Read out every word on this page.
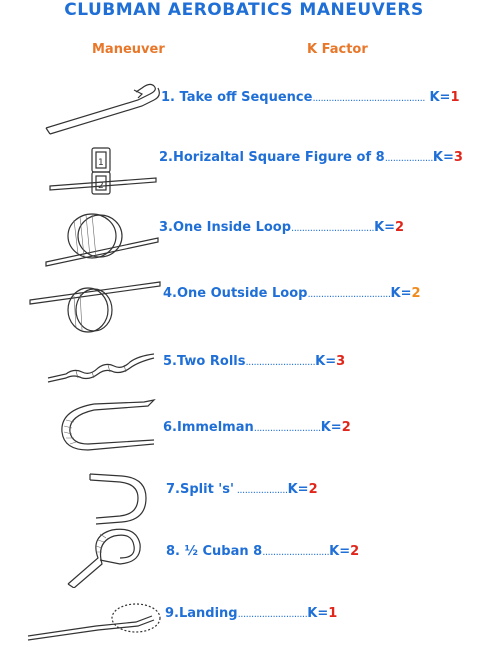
CLUBMAN AEROBATICS MANEUVERS
Maneuver	K Factor
1. Take off Sequence.......................................... K=1
1
2
2.Horizaltal Square Figure of 8..................K=3
3.One Inside Loop...............................K=2
4.One Outside Loop...............................K=2
5.Two Rolls..........................K=3
6.Immelman.........................K=2
7.Split 's' ...................K=2
8. ½ Cuban 8.........................K=2
9.Landing..........................K=1
